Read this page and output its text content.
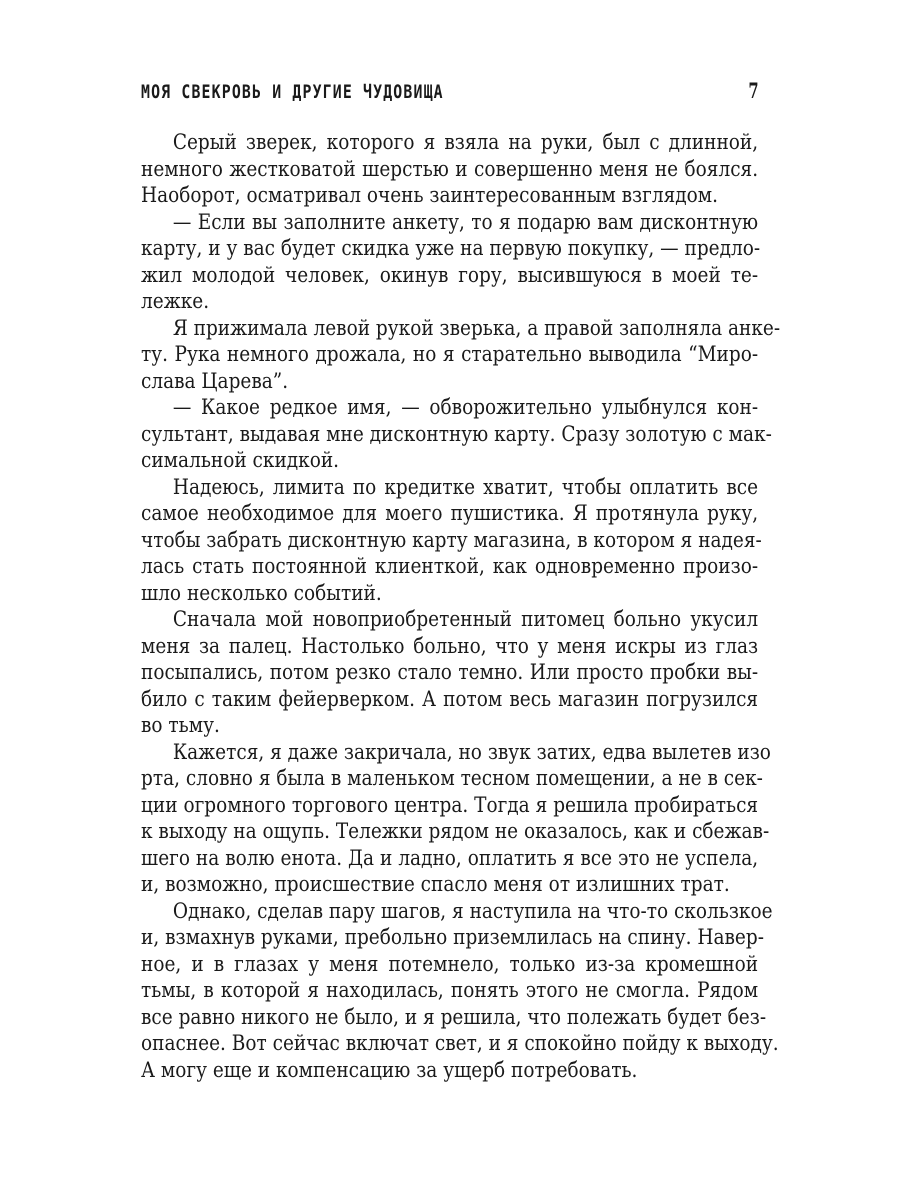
МОЯ СВЕКРОВЬ И ДРУГИЕ ЧУДОВИЩА	7

Серый зверек, которого я взяла на руки, был с длинной,
немного жестковатой шерстью и совершенно меня не боялся.
Наоборот, осматривал очень заинтересованным взглядом.

— Если вы заполните анкету, то я подарю вам дисконтную
карту, и у вас будет скидка уже на первую покупку, — предло-
жил молодой человек, окинув гору, высившуюся в моей те-
лежке.

Я прижимала левой рукой зверька, а правой заполняла анке-
ту. Рука немного дрожала, но я старательно выводила “Миро-
слава Царева”.

— Какое редкое имя, — обворожительно улыбнулся кон-
сультант, выдавая мне дисконтную карту. Сразу золотую с мак-
симальной скидкой.

Надеюсь, лимита по кредитке хватит, чтобы оплатить все
самое необходимое для моего пушистика. Я протянула руку,
чтобы забрать дисконтную карту магазина, в котором я надея-
лась стать постоянной клиенткой, как одновременно произо-
шло несколько событий.

Сначала мой новоприобретенный питомец больно укусил
меня за палец. Настолько больно, что у меня искры из глаз
посыпались, потом резко стало темно. Или просто пробки вы-
било с таким фейерверком. А потом весь магазин погрузился
во тьму.

Кажется, я даже закричала, но звук затих, едва вылетев изо
рта, словно я была в маленьком тесном помещении, а не в сек-
ции огромного торгового центра. Тогда я решила пробираться
к выходу на ощупь. Тележки рядом не оказалось, как и сбежав-
шего на волю енота. Да и ладно, оплатить я все это не успела,
и, возможно, происшествие спасло меня от излишних трат.

Однако, сделав пару шагов, я наступила на что-то скользкое
и, взмахнув руками, пребольно приземлилась на спину. Навер-
ное, и в глазах у меня потемнело, только из-за кромешной
тьмы, в которой я находилась, понять этого не смогла. Рядом
все равно никого не было, и я решила, что полежать будет без-
опаснее. Вот сейчас включат свет, и я спокойно пойду к выходу.
А могу еще и компенсацию за ущерб потребовать.
